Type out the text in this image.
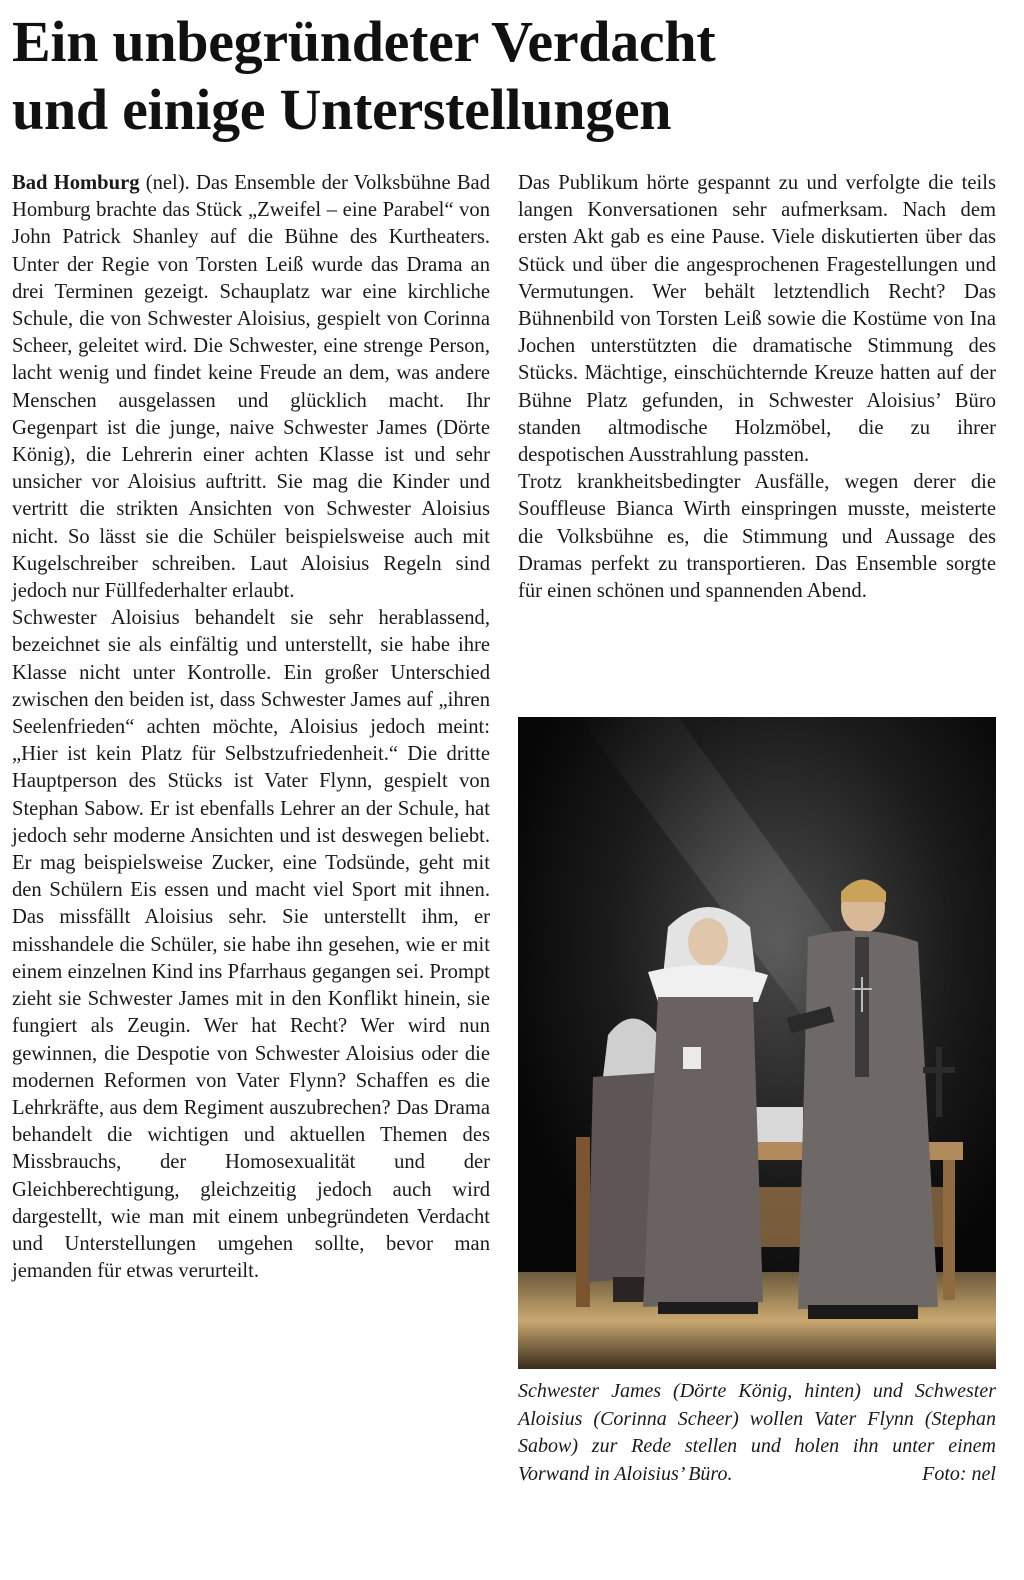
Ein unbegründeter Verdacht
und einige Unterstellungen

Bad Homburg (nel). Das Ensemble der Volksbühne Bad Homburg brachte das Stück „Zweifel – eine Parabel“ von John Patrick Shanley auf die Bühne des Kurtheaters. Unter der Regie von Torsten Leiß wurde das Drama an drei Terminen gezeigt. Schauplatz war eine kirchliche Schule, die von Schwester Aloisius, gespielt von Corinna Scheer, geleitet wird. Die Schwester, eine strenge Person, lacht wenig und findet keine Freude an dem, was andere Menschen ausgelassen und glücklich macht. Ihr Gegenpart ist die junge, naive Schwester James (Dörte König), die Lehrerin einer achten Klasse ist und sehr unsicher vor Aloisius auftritt. Sie mag die Kinder und vertritt die strikten Ansichten von Schwester Aloisius nicht. So lässt sie die Schüler beispielsweise auch mit Kugelschreiber schreiben. Laut Aloisius Regeln sind jedoch nur Füllfederhalter erlaubt.

Schwester Aloisius behandelt sie sehr herablassend, bezeichnet sie als einfältig und unterstellt, sie habe ihre Klasse nicht unter Kontrolle. Ein großer Unterschied zwischen den beiden ist, dass Schwester James auf „ihren Seelenfrieden“ achten möchte, Aloisius jedoch meint: „Hier ist kein Platz für Selbstzufriedenheit.“ Die dritte Hauptperson des Stücks ist Vater Flynn, gespielt von Stephan Sabow. Er ist ebenfalls Lehrer an der Schule, hat jedoch sehr moderne Ansichten und ist deswegen beliebt. Er mag beispielsweise Zucker, eine Todsünde, geht mit den Schülern Eis essen und macht viel Sport mit ihnen. Das missfällt Aloisius sehr. Sie unterstellt ihm, er misshandele die Schüler, sie habe ihn gesehen, wie er mit einem einzelnen Kind ins Pfarrhaus gegangen sei. Prompt zieht sie Schwester James mit in den Konflikt hinein, sie fungiert als Zeugin. Wer hat Recht? Wer wird nun gewinnen, die Despotie von Schwester Aloisius oder die modernen Reformen von Vater Flynn? Schaffen es die Lehrkräfte, aus dem Regiment auszubrechen? Das Drama behandelt die wichtigen und aktuellen Themen des Missbrauchs, der Homosexualität und der Gleichberechtigung, gleichzeitig jedoch auch wird dargestellt, wie man mit einem unbegründeten Verdacht und Unterstellungen umgehen sollte, bevor man jemanden für etwas verurteilt.

Das Publikum hörte gespannt zu und verfolgte die teils langen Konversationen sehr aufmerksam. Nach dem ersten Akt gab es eine Pause. Viele diskutierten über das Stück und über die angesprochenen Fragestellungen und Vermutungen. Wer behält letztendlich Recht? Das Bühnenbild von Torsten Leiß sowie die Kostüme von Ina Jochen unterstützten die dramatische Stimmung des Stücks. Mächtige, einschüchternde Kreuze hatten auf der Bühne Platz gefunden, in Schwester Aloisius’ Büro standen altmodische Holzmöbel, die zu ihrer despotischen Ausstrahlung passten.

Trotz krankheitsbedingter Ausfälle, wegen derer die Souffleuse Bianca Wirth einspringen musste, meisterte die Volksbühne es, die Stimmung und Aussage des Dramas perfekt zu transportieren. Das Ensemble sorgte für einen schönen und spannenden Abend.

Schwester James (Dörte König, hinten) und Schwester Aloisius (Corinna Scheer) wollen Vater Flynn (Stephan Sabow) zur Rede stellen und holen ihn unter einem Vorwand in Aloisius’ Büro.	Foto: nel
